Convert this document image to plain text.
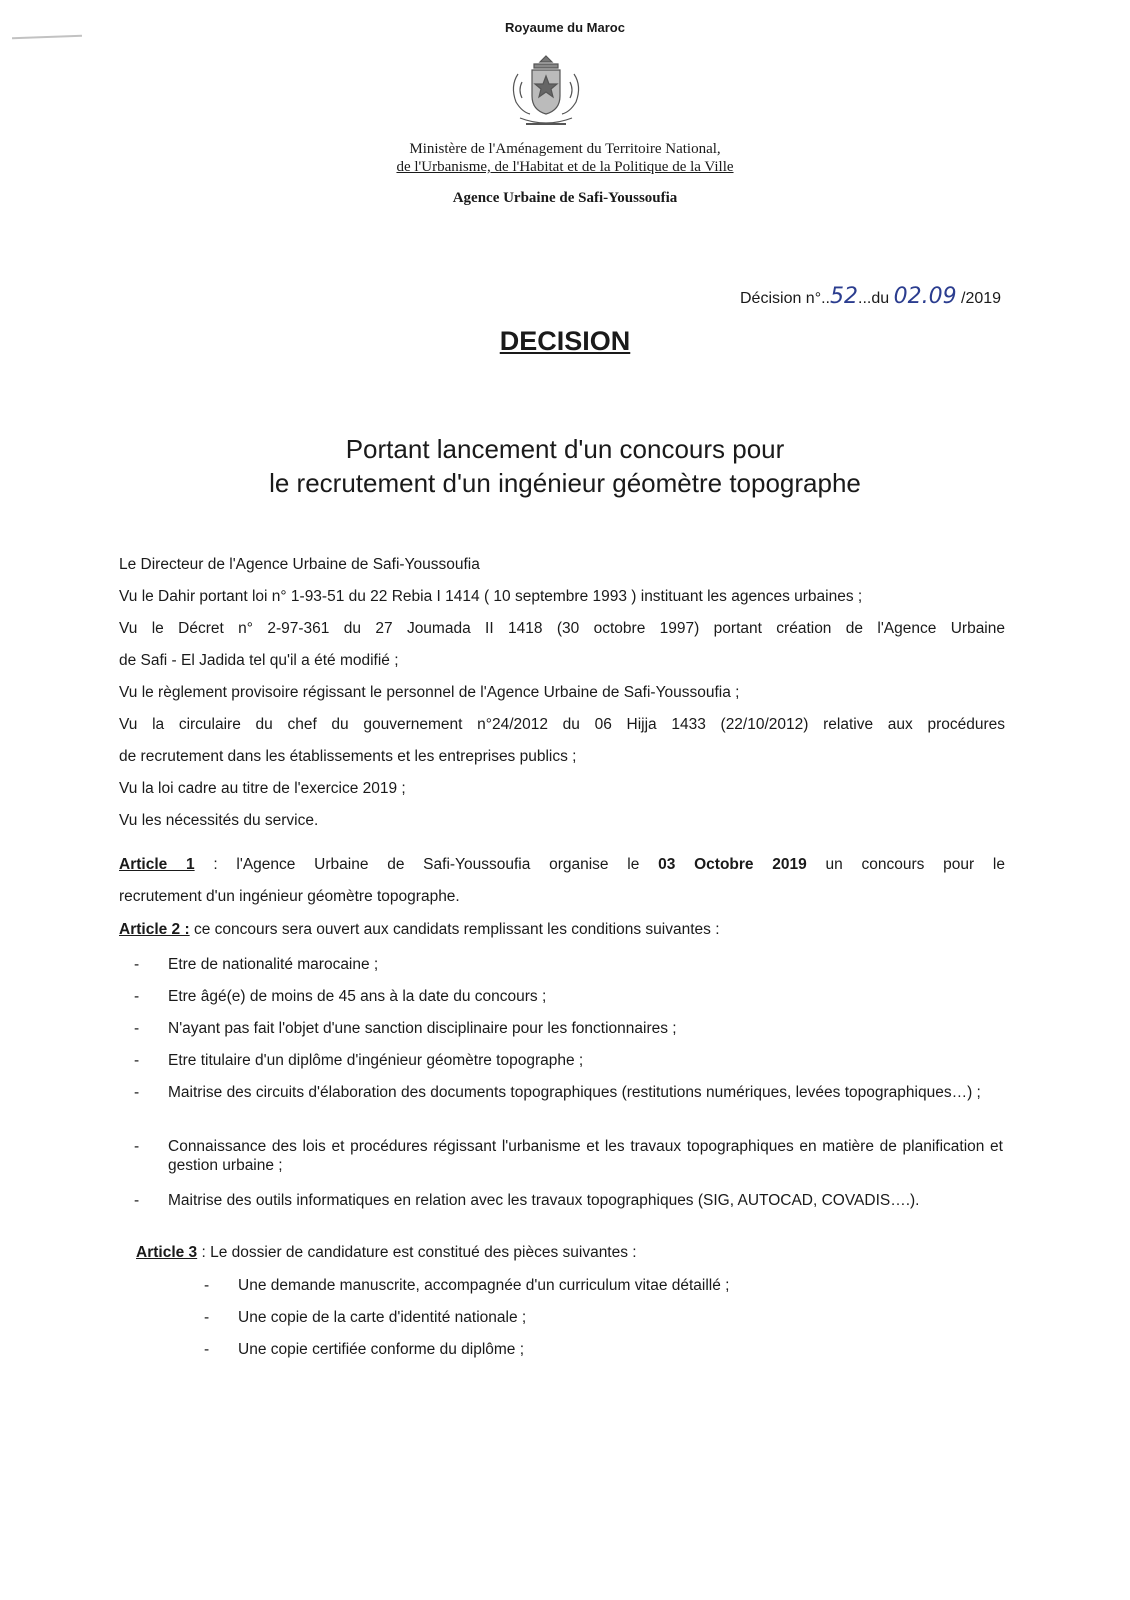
Royaume du Maroc
Ministère de l'Aménagement du Territoire National,
de l'Urbanisme, de l'Habitat et de la Politique de la Ville
Agence Urbaine de Safi-Youssoufia
Décision n°..52...du 02.09 /2019
DECISION
Portant lancement d'un concours pour
le recrutement d'un ingénieur géomètre topographe
Le Directeur de l'Agence Urbaine de Safi-Youssoufia
Vu le Dahir portant loi n° 1-93-51 du 22 Rebia I 1414 ( 10 septembre 1993 ) instituant les agences urbaines ;
Vu le Décret n° 2-97-361 du 27 Joumada II 1418 (30 octobre 1997) portant création de l'Agence Urbaine
de Safi - El Jadida tel qu'il a été modifié ;
Vu le règlement provisoire régissant le personnel de l'Agence Urbaine de Safi-Youssoufia ;
Vu la circulaire du chef du gouvernement n°24/2012 du 06 Hijja 1433 (22/10/2012) relative aux procédures
de recrutement dans les établissements et les entreprises publics ;
Vu la loi cadre au titre de l'exercice 2019 ;
Vu les nécessités du service.
Article 1 : l'Agence Urbaine de Safi-Youssoufia organise le 03 Octobre 2019 un concours pour le
recrutement d'un ingénieur géomètre topographe.
Article 2 : ce concours sera ouvert aux candidats remplissant les conditions suivantes :
-	Etre de nationalité marocaine ;
-	Etre âgé(e) de moins de 45 ans à la date du concours ;
-	N'ayant pas fait l'objet d'une sanction disciplinaire pour les fonctionnaires ;
-	Etre titulaire d'un diplôme d'ingénieur géomètre topographe ;
-	Maitrise des circuits d'élaboration des documents topographiques (restitutions numériques, levées topographiques…) ;
-	Connaissance des lois et procédures régissant l'urbanisme et les travaux topographiques en matière de planification et gestion urbaine ;
-	Maitrise des outils informatiques en relation avec les travaux topographiques (SIG, AUTOCAD, COVADIS….).
Article 3 : Le dossier de candidature est constitué des pièces suivantes :
-	Une demande manuscrite, accompagnée d'un curriculum vitae détaillé ;
-	Une copie de la carte d'identité nationale ;
-	Une copie certifiée conforme du diplôme ;
